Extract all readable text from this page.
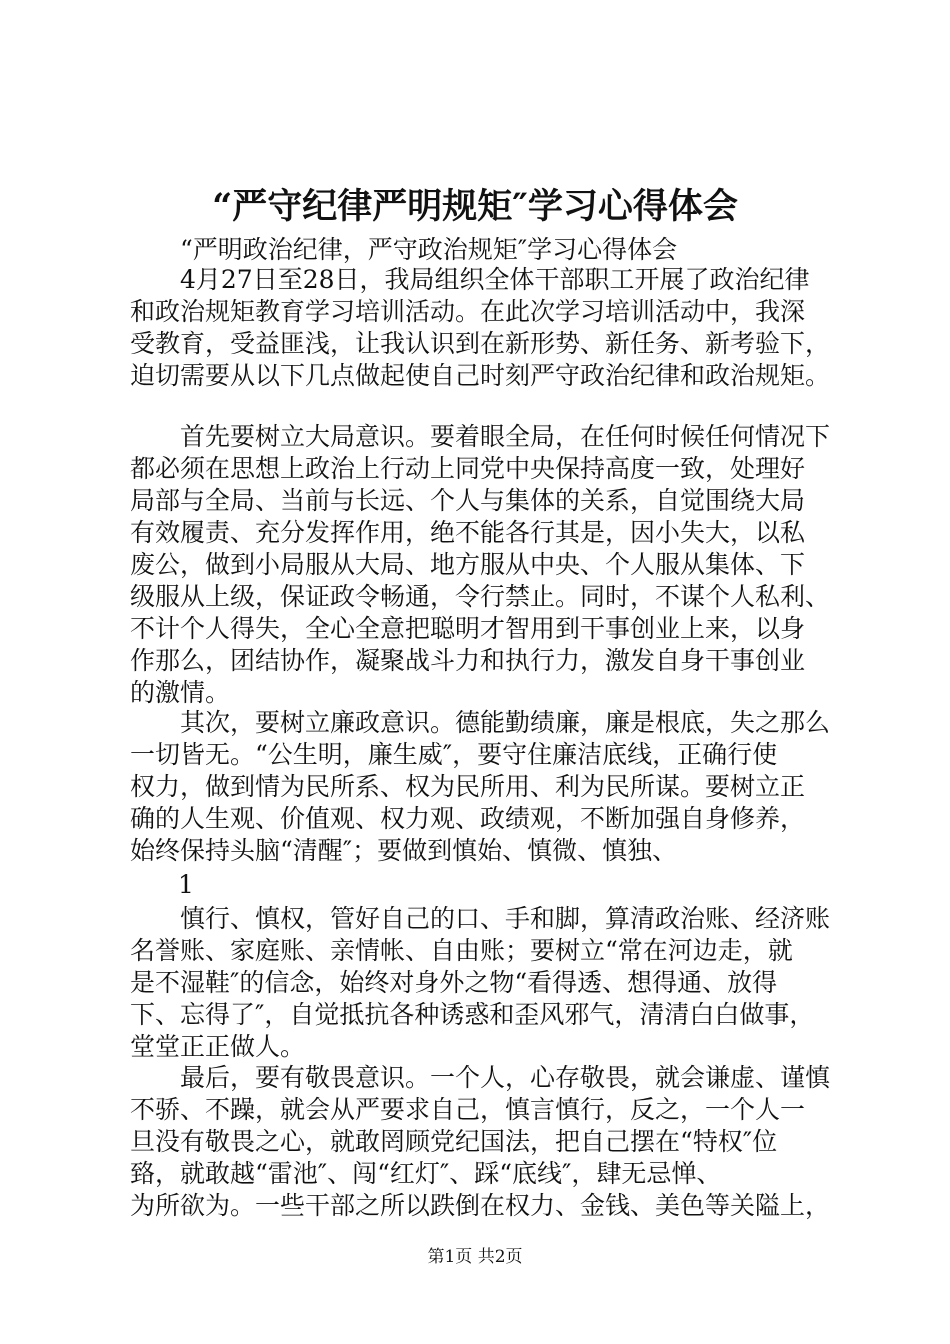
“严守纪律严明规矩″学习心得体会
“严明政治纪律，严守政治规矩″学习心得体会
4月27日至28日，我局组织全体干部职工开展了政治纪律
和政治规矩教育学习培训活动。在此次学习培训活动中，我深
受教育，受益匪浅，让我认识到在新形势、新任务、新考验下，
迫切需要从以下几点做起使自己时刻严守政治纪律和政治规矩。
首先要树立大局意识。要着眼全局，在任何时候任何情况下
都必须在思想上政治上行动上同党中央保持高度一致，处理好
局部与全局、当前与长远、个人与集体的关系，自觉围绕大局
有效履责、充分发挥作用，绝不能各行其是，因小失大，以私
废公，做到小局服从大局、地方服从中央、个人服从集体、下
级服从上级，保证政令畅通，令行禁止。同时，不谋个人私利、
不计个人得失，全心全意把聪明才智用到干事创业上来，以身
作那么，团结协作，凝聚战斗力和执行力，激发自身干事创业
的激情。
其次，要树立廉政意识。德能勤绩廉，廉是根底，失之那么
一切皆无。“公生明，廉生威″，要守住廉洁底线，正确行使
权力，做到情为民所系、权为民所用、利为民所谋。要树立正
确的人生观、价值观、权力观、政绩观，不断加强自身修养，
始终保持头脑“清醒″；要做到慎始、慎微、慎独、
1
慎行、慎权，管好自己的口、手和脚，算清政治账、经济账
名誉账、家庭账、亲情帐、自由账；要树立“常在河边走，就
是不湿鞋″的信念，始终对身外之物“看得透、想得通、放得
下、忘得了″，自觉抵抗各种诱惑和歪风邪气，清清白白做事，
堂堂正正做人。
最后，要有敬畏意识。一个人，心存敬畏，就会谦虚、谨慎
不骄、不躁，就会从严要求自己，慎言慎行，反之，一个人一
旦没有敬畏之心，就敢罔顾党纪国法，把自己摆在“特权″位
臵，就敢越“雷池″、闯“红灯″、踩“底线″，肆无忌惮、
为所欲为。一些干部之所以跌倒在权力、金钱、美色等关隘上，
第1页 共2页
